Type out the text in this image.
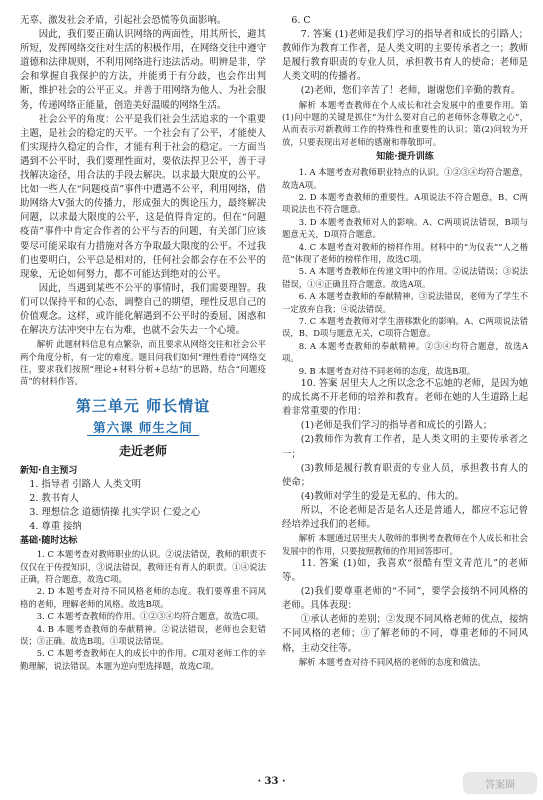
无辜、激发社会矛盾，引起社会恐慌等负面影响。

因此，我们要正确认识网络的两面性，用其所长，避其所短，发挥网络交往对生活的积极作用，在网络交往中遵守道德和法律规则，不利用网络进行违法活动。明辨是非，学会和掌握自我保护的方法，并能勇于有分歧，也会作出判断，维护社会的公平正义。并善于用网络为他人、为社会服务，传递网络正能量，创造美好温暖的网络生活。

社会公平的角度：公平是我们社会生活追求的一个重要主题，是社会的稳定的天平。一个社会有了公平，才能使人们实现持久稳定的合作，才能有利于社会的稳定。一方面当遇到不公平时，我们要理性面对，要依法捍卫公平，善于寻找解决途径，用合法的手段去解决。以求最大限度的公平。比如一些人在“问题疫苗”事件中遭遇不公平，利用网络，借助网络大V强大的传播力，形成强大的舆论压力，最终解决问题，以求最大限度的公平，这是值得肯定的。但在“问题疫苗”事件中肯定合作者的公平与否的问题，有关部门应该要尽可能采取有力措施对各方争取最大限度的公平。不过我们也要明白，公平总是相对的，任何社会都会存在不公平的现象，无论如何努力，都不可能达到绝对的公平。

因此，当遇到某些不公平的事情时，我们需要理智。我们可以保持平和的心态，调整自己的期望，理性反思自己的价值观念。这样，或许能化解遇到不公平时的委屈、困惑和在解决方法冲突中左右为难，也就不会失去一个心境。

解析 此题材料信息有点繁杂，而且要求从网络交往和社会公平两个角度分析，有一定的难度。题目问我们如何“理性看待”网络交往，要求我们按照“理论+材料分析+总结”的思路，结合“问题疫苗”的材料作答。

第三单元 师长情谊
第六课 师生之间
走近老师
新知·自主预习

1. 指导者 引路人 人类文明

2. 教书育人

3. 理想信念 道德情操 扎实学识 仁爱之心

4. 尊重 接纳

基础·随时达标

1. C 本题考查对教师职业的认识。②说法错误，教师的职责不仅仅在于传授知识，③说法错误，教师还有育人的职责。①④说法正确，符合题意，故选C项。

2. D 本题考查对待不同风格老师的态度。我们要尊重不同风格的老师，理解老师的风格。故选B项。

3. C 本题考查教师的作用。①②③④均符合题意，故选C项。

4. B 本题考查教师的奉献精神。②说法错误，老师也会犯错误；③正确。故选B项。①项说法错误。

5. C 本题考查教师在人的成长中的作用。C项对老师工作的辛勤理解，说法错误。本题为逆向型选择题，故选C项。

6. C

7. 答案 (1)老师是我们学习的指导者和成长的引路人；教师作为教育工作者，是人类文明的主要传承者之一；教师是履行教育职责的专业人员，承担教书育人的使命；老师是人类文明的传播者。

(2)老师，您们辛苦了！老师，谢谢您们辛勤的教育。

解析 本题考查教师在个人成长和社会发展中的重要作用。第(1)问中题的关键是抓住“为什么要对自己的老师怀念尊敬之心”，从而表示对新教师工作的特殊性和重要性的认识；第(2)问较为开放，只要表现出对老师的感谢和尊敬即可。

知能·提升训练

1. A 本题考查对教师职业特点的认识。①②③④均符合题意，故选A项。

2. D 本题考查教师的重要性。A项说法不符合题意，B、C两项说法也不符合题意。

3. D 本题考查教师对人的影响。A、C两项说法错误，B项与题意无关，D项符合题意。

4. C 本题考查对教师的榜样作用。材料中的“为仪表”“人之楷范”体现了老师的榜样作用，故选C项。

5. A 本题考查教师在传递文明中的作用。②说法错误；③说法错误，①④正确且符合题意。故选A项。

6. A 本题考查教师的奉献精神。③说法错误，老师为了学生不一定放弃自我；④说法错误。

7. C 本题考查教师对学生潜移默化的影响。A、C两项说法错误，B、D项与题意无关，C项符合题意。

8. A 本题考查教师的奉献精神。②③④均符合题意，故选A项。

9. B 本题考查对待不同老师的态度，故选B项。

10. 答案 居里夫人之所以念念不忘她的老师，是因为她的成长离不开老师的培养和教育。老师在她的人生道路上起着非常重要的作用：

(1)老师是我们学习的指导者和成长的引路人；

(2)教师作为教育工作者，是人类文明的主要传承者之一；

(3)教师是履行教育职责的专业人员，承担教书育人的使命；

(4)教师对学生的爱是无私的、伟大的。

所以，不论老师是否是名人还是普通人，都应不忘记曾经培养过我们的老师。

解析 本题通过居里夫人敬师的事例考查教师在个人成长和社会发展中的作用，只要按照教师的作用回答即可。

11. 答案 (1)如，我喜欢“很酷有型文青范儿”的老师等。

(2)我们要尊重老师的“不同”，要学会接纳不同风格的老师。具体表现：

①承认老师的差别；②发现不同风格老师的优点，接纳不同风格的老师；③了解老师的不同，尊重老师的不同风格，主动交往等。

解析 本题考查对待不同风格的老师的态度和做法。

· 33 ·	答案圈
